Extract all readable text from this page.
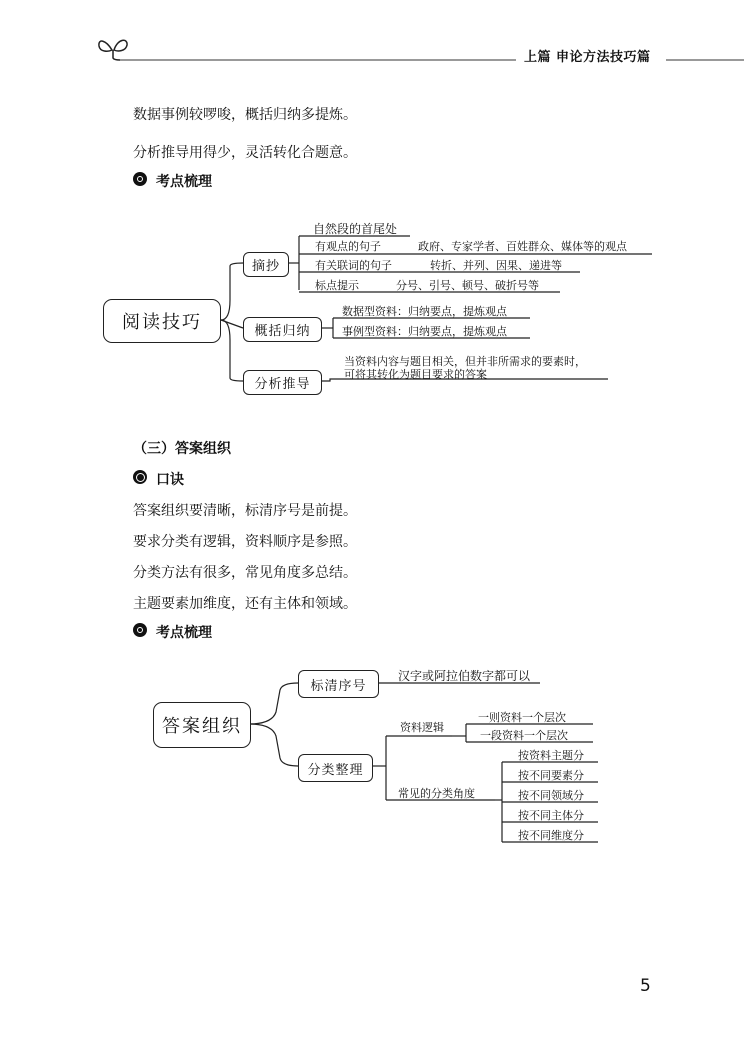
上篇 申论方法技巧篇
数据事例较啰唆，概括归纳多提炼。
分析推导用得少，灵活转化合题意。
考点梳理
阅读技巧
摘抄
概括归纳
分析推导
自然段的首尾处
有观点的句子	政府、专家学者、百姓群众、媒体等的观点
有关联词的句子	转折、并列、因果、递进等
标点提示	分号、引号、顿号、破折号等
数据型资料：归纳要点，提炼观点
事例型资料：归纳要点，提炼观点
当资料内容与题目相关，但并非所需求的要素时，
可将其转化为题目要求的答案
（三）答案组织
口诀
答案组织要清晰，标清序号是前提。
要求分类有逻辑，资料顺序是参照。
分类方法有很多，常见角度多总结。
主题要素加维度，还有主体和领域。
考点梳理
答案组织
标清序号
分类整理
汉字或阿拉伯数字都可以
资料逻辑
一则资料一个层次
一段资料一个层次
常见的分类角度
按资料主题分
按不同要素分
按不同领域分
按不同主体分
按不同维度分
5
